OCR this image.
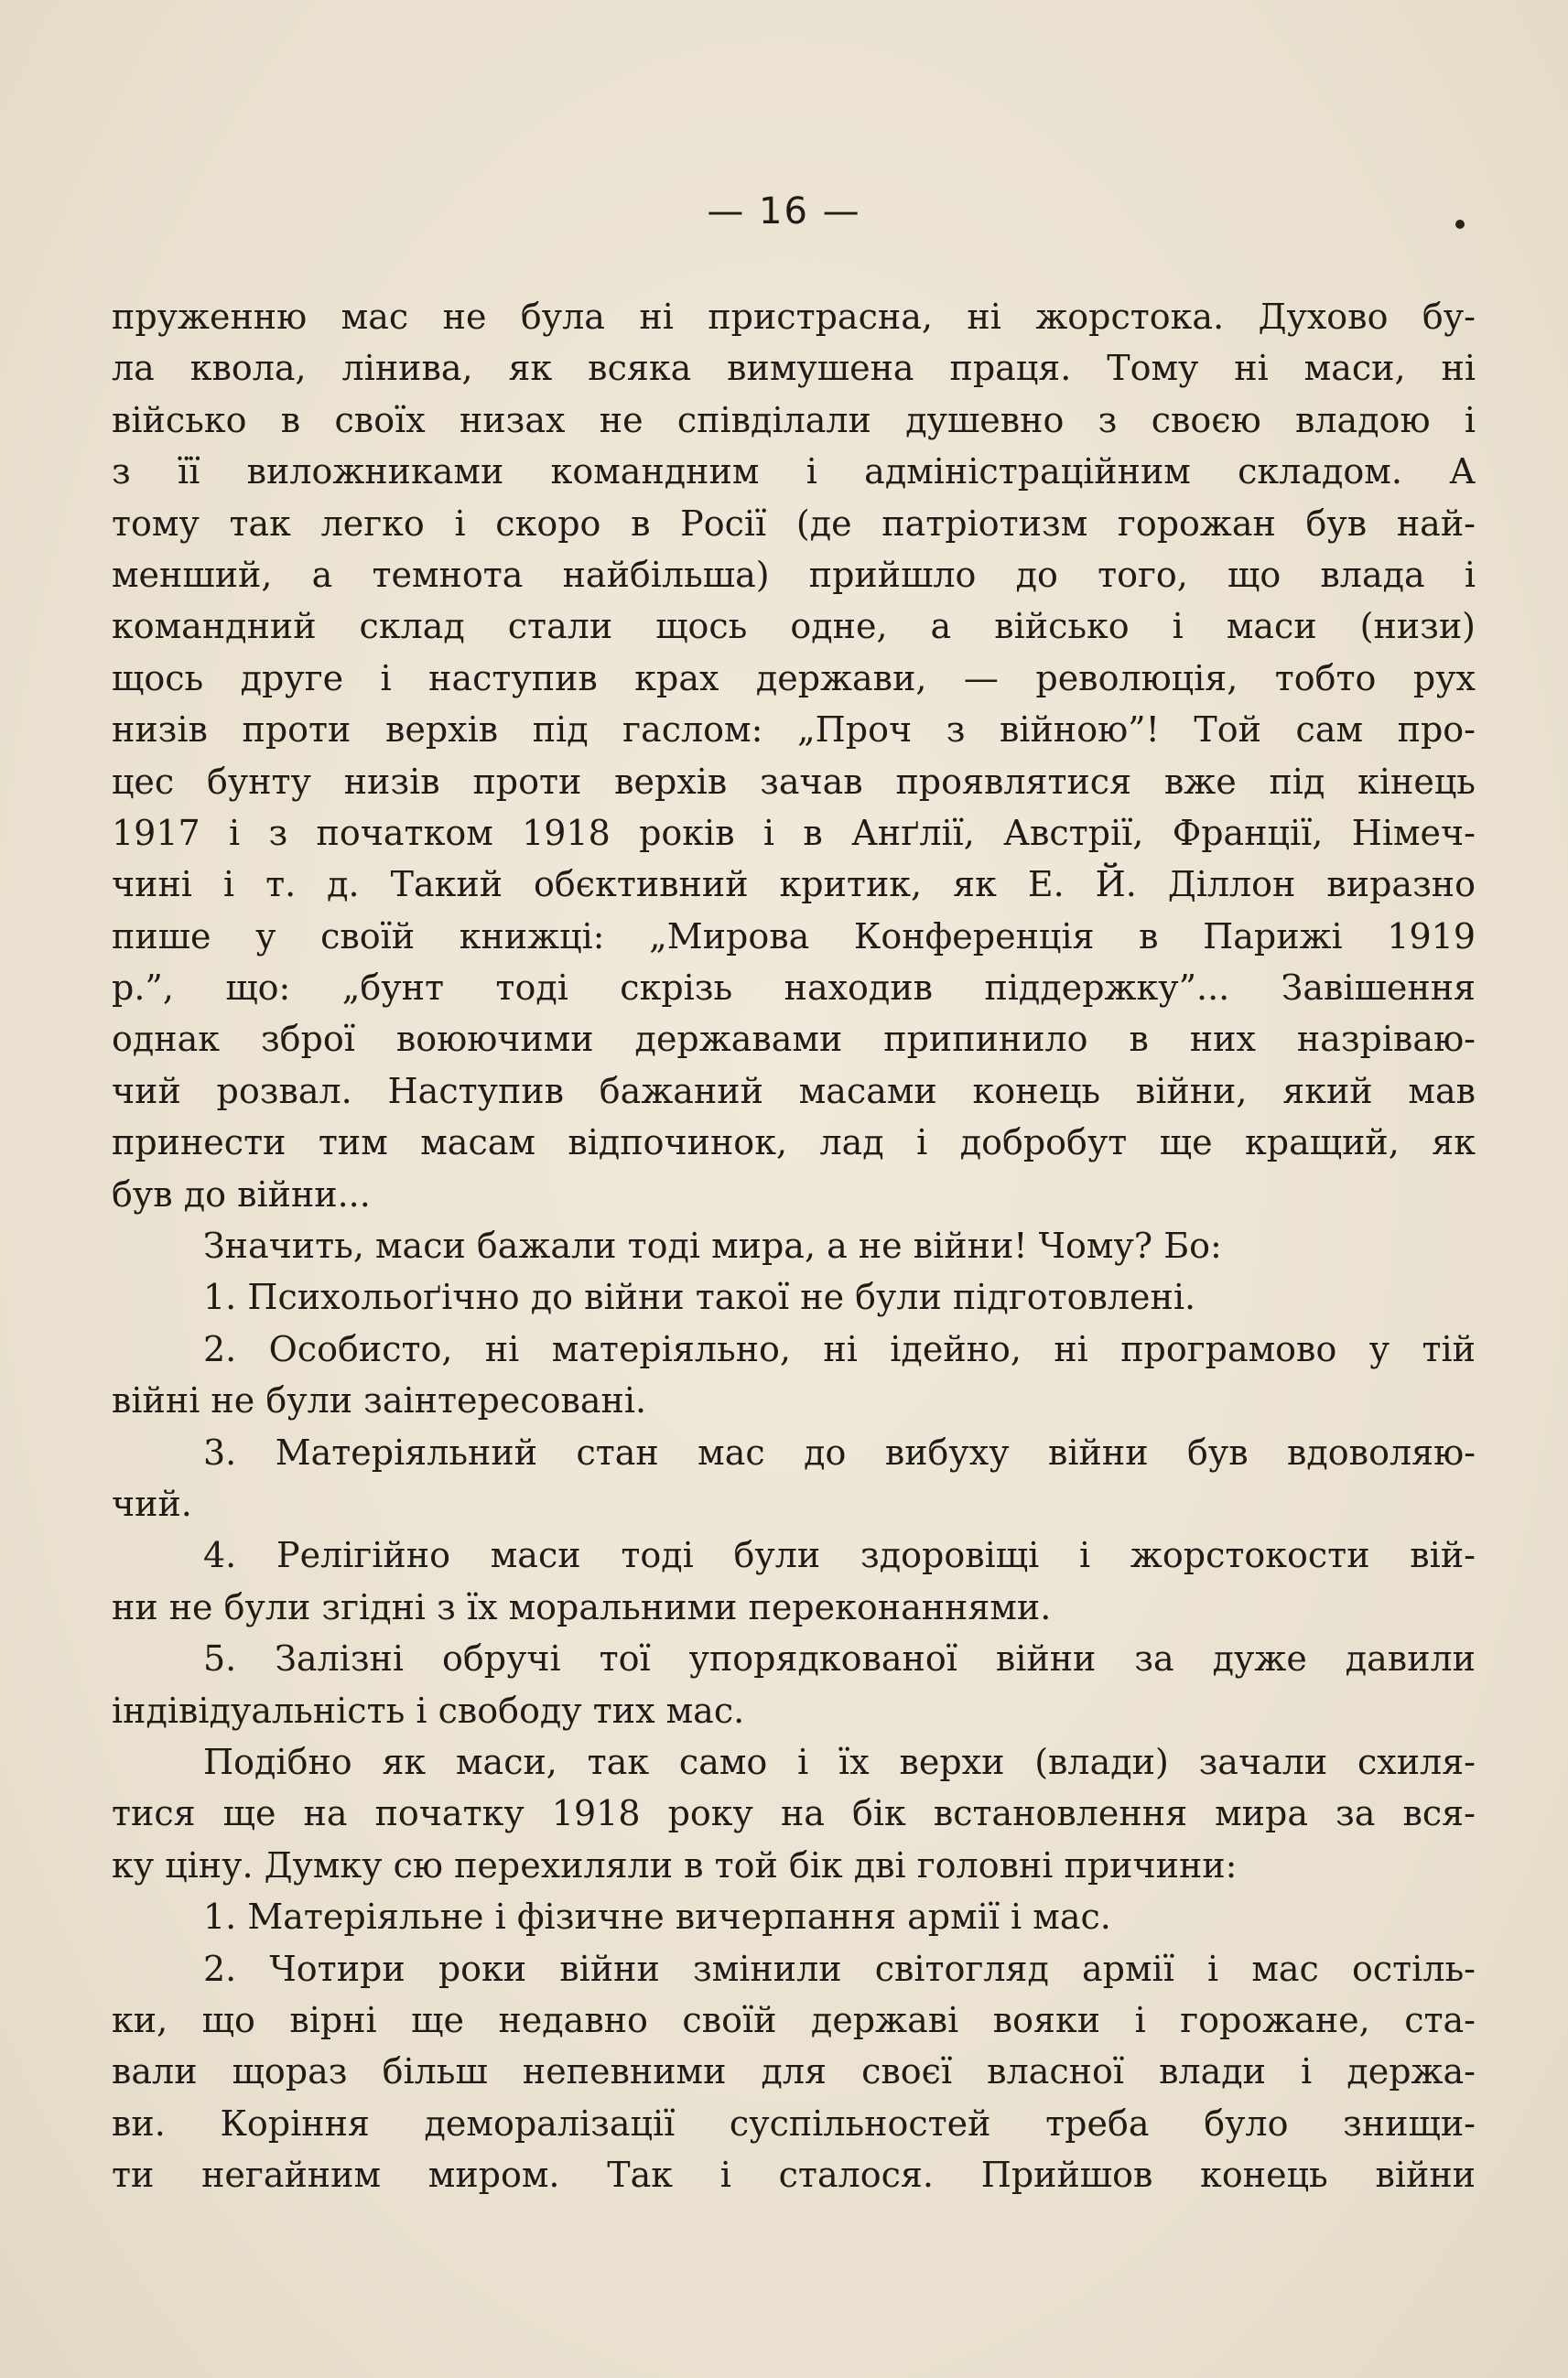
— 16 —
пруженню мас не була ні пристрасна, ні жорстока. Духово бу-
ла квола, лінива, як всяка вимушена праця. Тому ні маси, ні
військо в своїх низах не співділали душевно з своєю владою і
з її виложниками командним і адміністраційним складом. А
тому так легко і скоро в Росії (де патріотизм горожан був най-
менший, а темнота найбільша) прийшло до того, що влада і
командний склад стали щось одне, а військо і маси (низи)
щось друге і наступив крах держави, — революція, тобто рух
низів проти верхів під гаслом: „Проч з війною”! Той сам про-
цес бунту низів проти верхів зачав проявлятися вже під кінець
1917 і з початком 1918 років і в Анґлії, Австрії, Франції, Німеч-
чині і т. д. Такий обєктивний критик, як Е. Й. Діллон виразно
пише у своїй книжці: „Мирова Конференція в Парижі 1919
р.”, що: „бунт тоді скрізь находив піддержку”... Завішення
однак зброї воюючими державами припинило в них назріваю-
чий розвал. Наступив бажаний масами конець війни, який мав
принести тим масам відпочинок, лад і добробут ще кращий, як
був до війни...
Значить, маси бажали тоді мира, а не війни! Чому? Бо:
1. Психольоґічно до війни такої не були підготовлені.
2. Особисто, ні матеріяльно, ні ідейно, ні програмово у тій
війні не були заінтересовані.
3. Матеріяльний стан мас до вибуху війни був вдоволяю-
чий.
4. Релігійно маси тоді були здоровіщі і жорстокости вій-
ни не були згідні з їх моральними переконаннями.
5. Залізні обручі тої упорядкованої війни за дуже давили
індівідуальність і свободу тих мас.
Подібно як маси, так само і їх верхи (влади) зачали схиля-
тися ще на початку 1918 року на бік встановлення мира за вся-
ку ціну. Думку сю перехиляли в той бік дві головні причини:
1. Матеріяльне і фізичне вичерпання армії і мас.
2. Чотири роки війни змінили світогляд армії і мас остіль-
ки, що вірні ще недавно своїй державі вояки і горожане, ста-
вали щораз більш непевними для своєї власної влади і держа-
ви. Коріння деморалізації суспільностей треба було знищи-
ти негайним миром. Так і сталося. Прийшов конець війни
